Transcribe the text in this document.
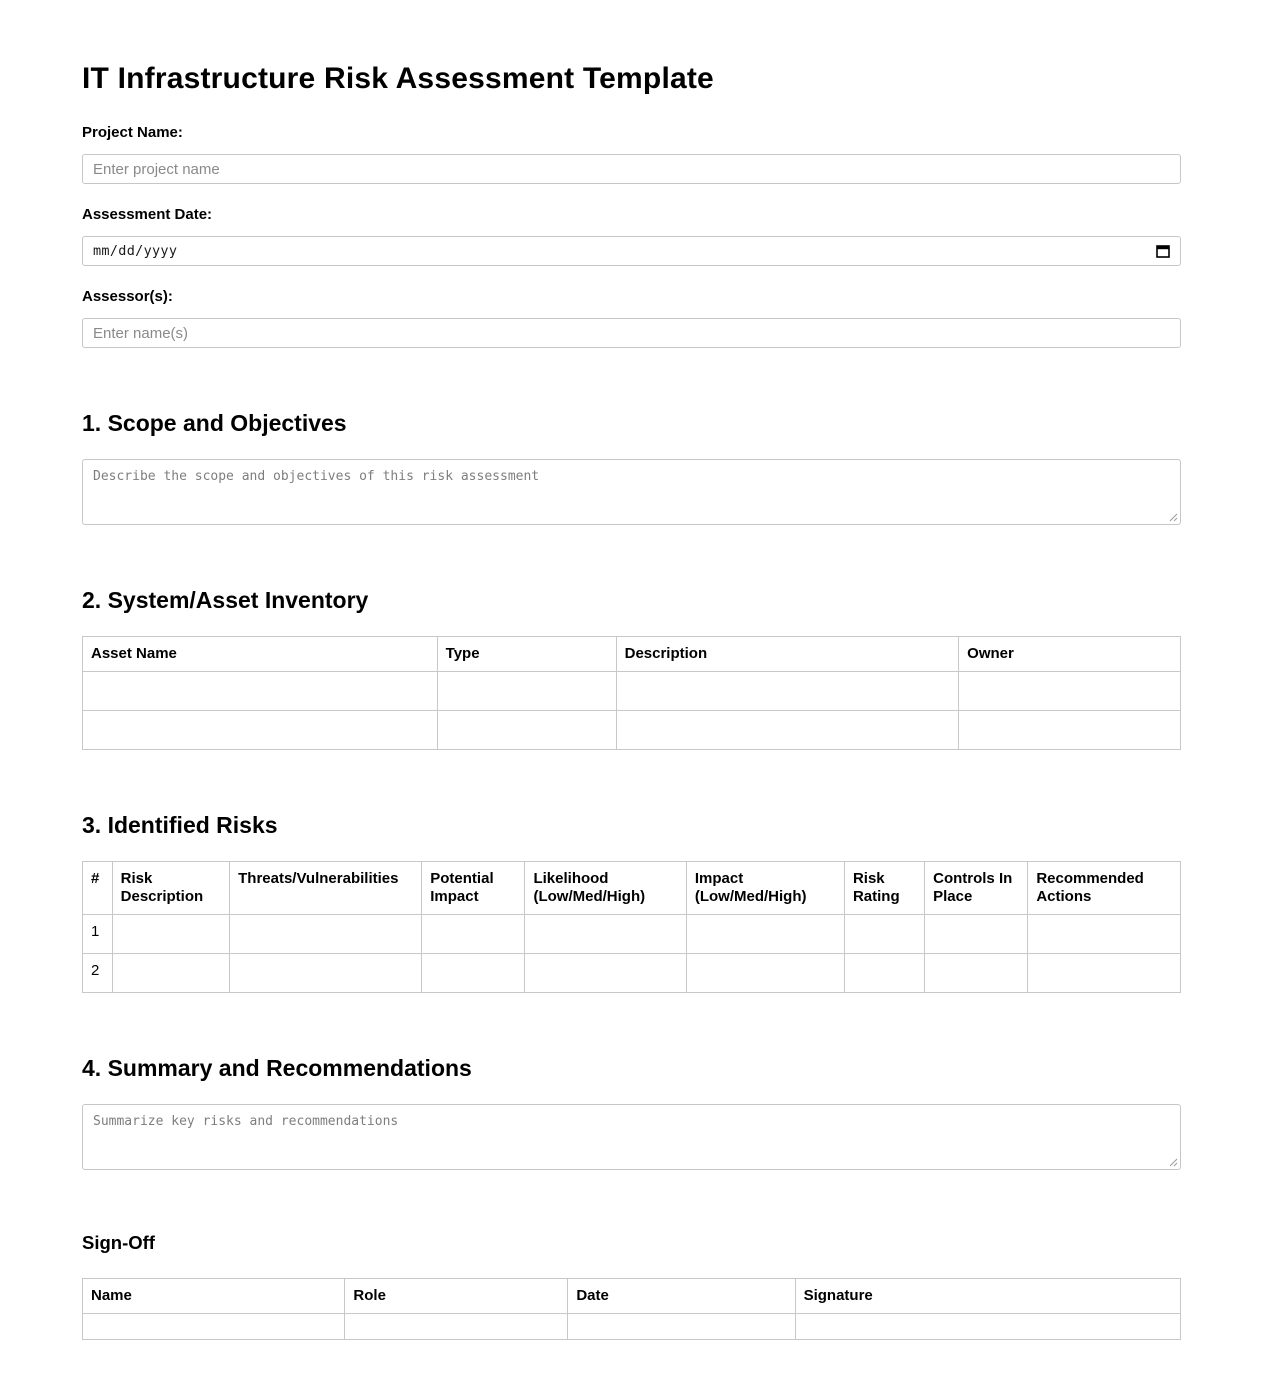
IT Infrastructure Risk Assessment Template
Project Name:
Enter project name
Assessment Date:
mm/dd/yyyy
Assessor(s):
Enter name(s)
1. Scope and Objectives
Describe the scope and objectives of this risk assessment
2. System/Asset Inventory
Asset Name	Type	Description	Owner

3. Identified Risks
#	Risk Description	Threats/Vulnerabilities	Potential Impact	Likelihood (Low/Med/High)	Impact (Low/Med/High)	Risk Rating	Controls In Place	Recommended Actions
1								
2								
4. Summary and Recommendations
Summarize key risks and recommendations
Sign-Off
Name	Role	Date	Signature
